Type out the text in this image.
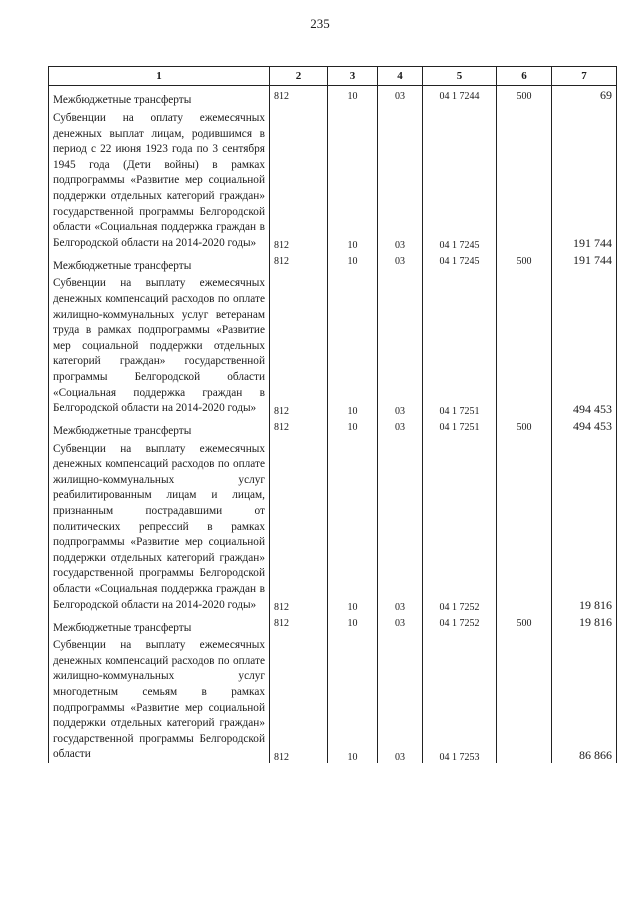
235
1	2	3	4	5	6	7
Межбюджетные трансферты	812	10	03	04 1 7244	500	69
Субвенции на оплату ежемесячных денежных выплат лицам, родившимся в период с 22 июня 1923 года по 3 сентября 1945 года (Дети войны) в рамках подпрограммы «Развитие мер социальной поддержки отдельных категорий граждан» государственной программы Белгородской области «Социальная поддержка граждан в Белгородской области на 2014-2020 годы»	812	10	03	04 1 7245		191 744
Межбюджетные трансферты	812	10	03	04 1 7245	500	191 744
Субвенции на выплату ежемесячных денежных компенсаций расходов по оплате жилищно-коммунальных услуг ветеранам труда в рамках подпрограммы «Развитие мер социальной поддержки отдельных категорий граждан» государственной программы Белгородской области «Социальная поддержка граждан в Белгородской области на 2014-2020 годы»	812	10	03	04 1 7251		494 453
Межбюджетные трансферты	812	10	03	04 1 7251	500	494 453
Субвенции на выплату ежемесячных денежных компенсаций расходов по оплате жилищно-коммунальных услуг реабилитированным лицам и лицам, признанным пострадавшими от политических репрессий в рамках подпрограммы «Развитие мер социальной поддержки отдельных категорий граждан» государственной программы Белгородской области «Социальная поддержка граждан в Белгородской области на 2014-2020 годы»	812	10	03	04 1 7252		19 816
Межбюджетные трансферты	812	10	03	04 1 7252	500	19 816
Субвенции на выплату ежемесячных денежных компенсаций расходов по оплате жилищно-коммунальных услуг многодетным семьям в рамках подпрограммы «Развитие мер социальной поддержки отдельных категорий граждан» государственной программы Белгородской области	812	10	03	04 1 7253		86 866
